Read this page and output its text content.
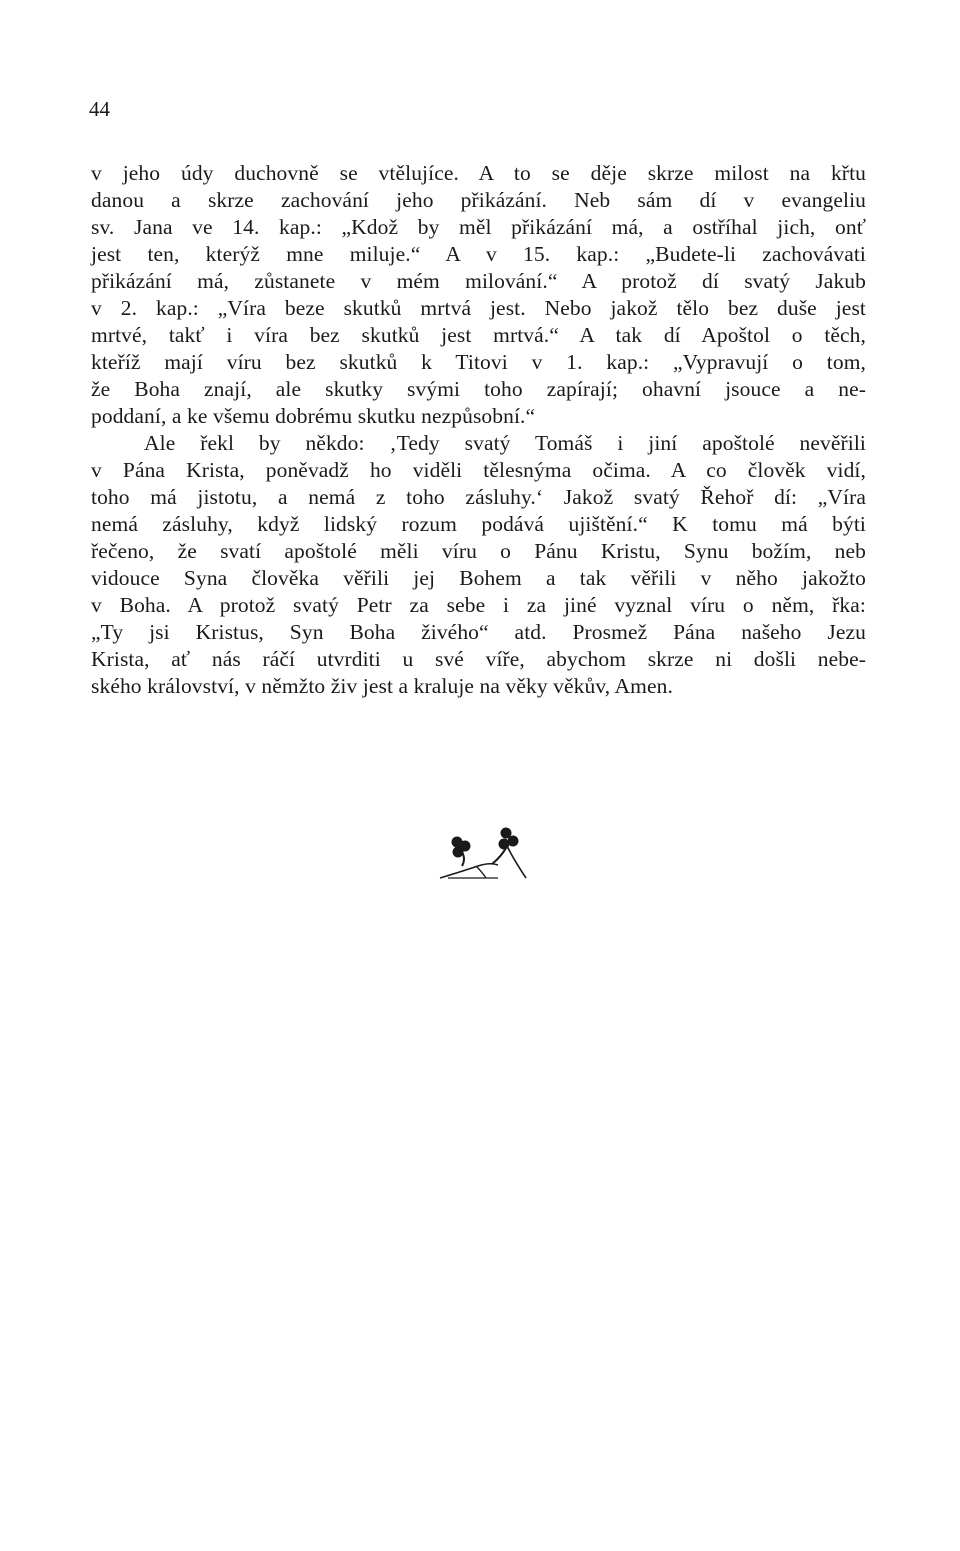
44
v jeho údy duchovně se vtělujíce. A to se děje skrze milost na křtu
danou a skrze zachování jeho přikázání. Neb sám dí v evangeliu
sv. Jana ve 14. kap.: „Kdož by měl přikázání má, a ostříhal jich, onť
jest ten, kterýž mne miluje.“ A v 15. kap.: „Budete-li zachovávati
přikázání má, zůstanete v mém milování.“ A protož dí svatý Jakub
v 2. kap.: „Víra beze skutků mrtvá jest. Nebo jakož tělo bez duše jest
mrtvé, takť i víra bez skutků jest mrtvá.“ A tak dí Apoštol o těch,
kteříž mají víru bez skutků k Titovi v 1. kap.: „Vypravují o tom,
že Boha znají, ale skutky svými toho zapírají; ohavní jsouce a ne-
poddaní, a ke všemu dobrému skutku nezpůsobní.“
Ale řekl by někdo: ‚Tedy svatý Tomáš i jiní apoštolé nevěřili
v Pána Krista, poněvadž ho viděli tělesnýma očima. A co člověk vidí,
toho má jistotu, a nemá z toho zásluhy.‘ Jakož svatý Řehoř dí: „Víra
nemá zásluhy, když lidský rozum podává ujištění.“ K tomu má býti
řečeno, že svatí apoštolé měli víru o Pánu Kristu, Synu božím, neb
vidouce Syna člověka věřili jej Bohem a tak věřili v něho jakožto
v Boha. A protož svatý Petr za sebe i za jiné vyznal víru o něm, řka:
„Ty jsi Kristus, Syn Boha živého“ atd. Prosmež Pána našeho Jezu
Krista, ať nás ráčí utvrditi u své víře, abychom skrze ni došli nebe-
ského království, v němžto živ jest a kraluje na věky věkův, Amen.
